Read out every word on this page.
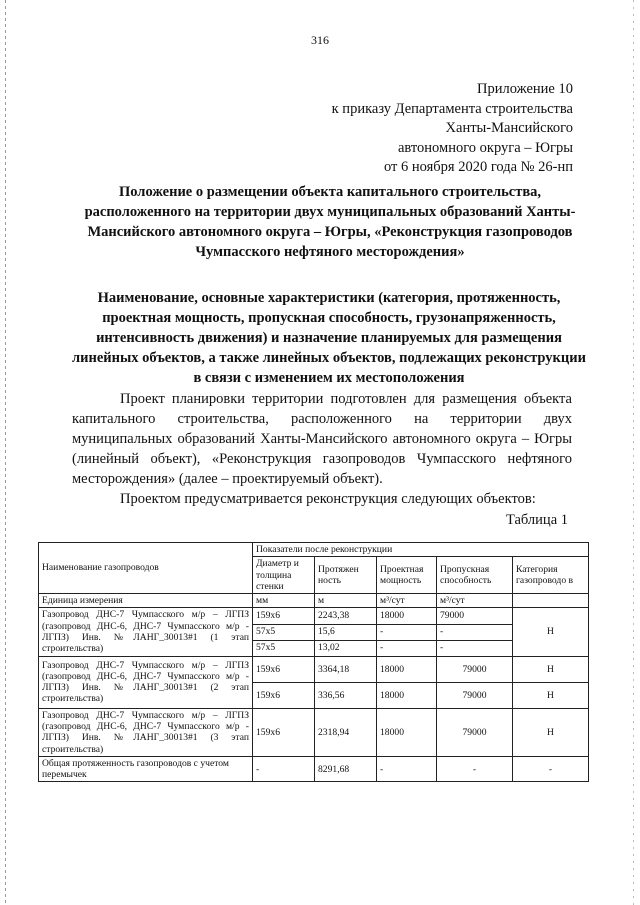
316
Приложение 10
к приказу Департамента строительства
Ханты-Мансийского
автономного округа – Югры
от 6 ноября 2020 года № 26-нп
Положение о размещении объекта капитального строительства, расположенного на территории двух муниципальных образований Ханты-Мансийского автономного округа – Югры, «Реконструкция газопроводов Чумпасского нефтяного месторождения»
Наименование, основные характеристики (категория, протяженность, проектная мощность, пропускная способность, грузонапряженность, интенсивность движения) и назначение планируемых для размещения линейных объектов, а также линейных объектов, подлежащих реконструкции в связи с изменением их местоположения

Проект планировки территории подготовлен для размещения объекта капитального строительства, расположенного на территории двух муниципальных образований Ханты-Мансийского автономного округа – Югры (линейный объект), «Реконструкция газопроводов Чумпасского нефтяного месторождения» (далее – проектируемый объект).

Проектом предусматривается реконструкция следующих объектов:

Таблица 1
Наименование газопроводов	Показатели после реконструкции				
	Диаметр и толщина стенки	Протяжен ность	Проектная мощность	Пропускная способность	Категория газопроводо в
Единица измерения	мм	м	м³/сут	м³/сут	
Газопровод ДНС-7 Чумпасского м/р – ЛГПЗ (газопровод ДНС-6, ДНС-7 Чумпасского м/р - ЛГПЗ) Инв. №ЛАНГ_30013#1 (1 этап строительства)	159x6	2243,38	18000	79000	Н
	57x5	15,6	-	-	
	57x5	13,02	-	-	
Газопровод ДНС-7 Чумпасского м/р – ЛГПЗ (газопровод ДНС-6, ДНС-7 Чумпасского м/р - ЛГПЗ) Инв. №ЛАНГ_30013#1 (2 этап строительства)	159x6	3364,18	18000	79000	Н
	159x6	336,56	18000	79000	Н
Газопровод ДНС-7 Чумпасского м/р – ЛГПЗ (газопровод ДНС-6, ДНС-7 Чумпасского м/р - ЛГПЗ) Инв. №ЛАНГ_30013#1 (3 этап строительства)	159x6	2318,94	18000	79000	Н
Общая протяженность газопроводов с учетом перемычек	-	8291,68	-	-	-
